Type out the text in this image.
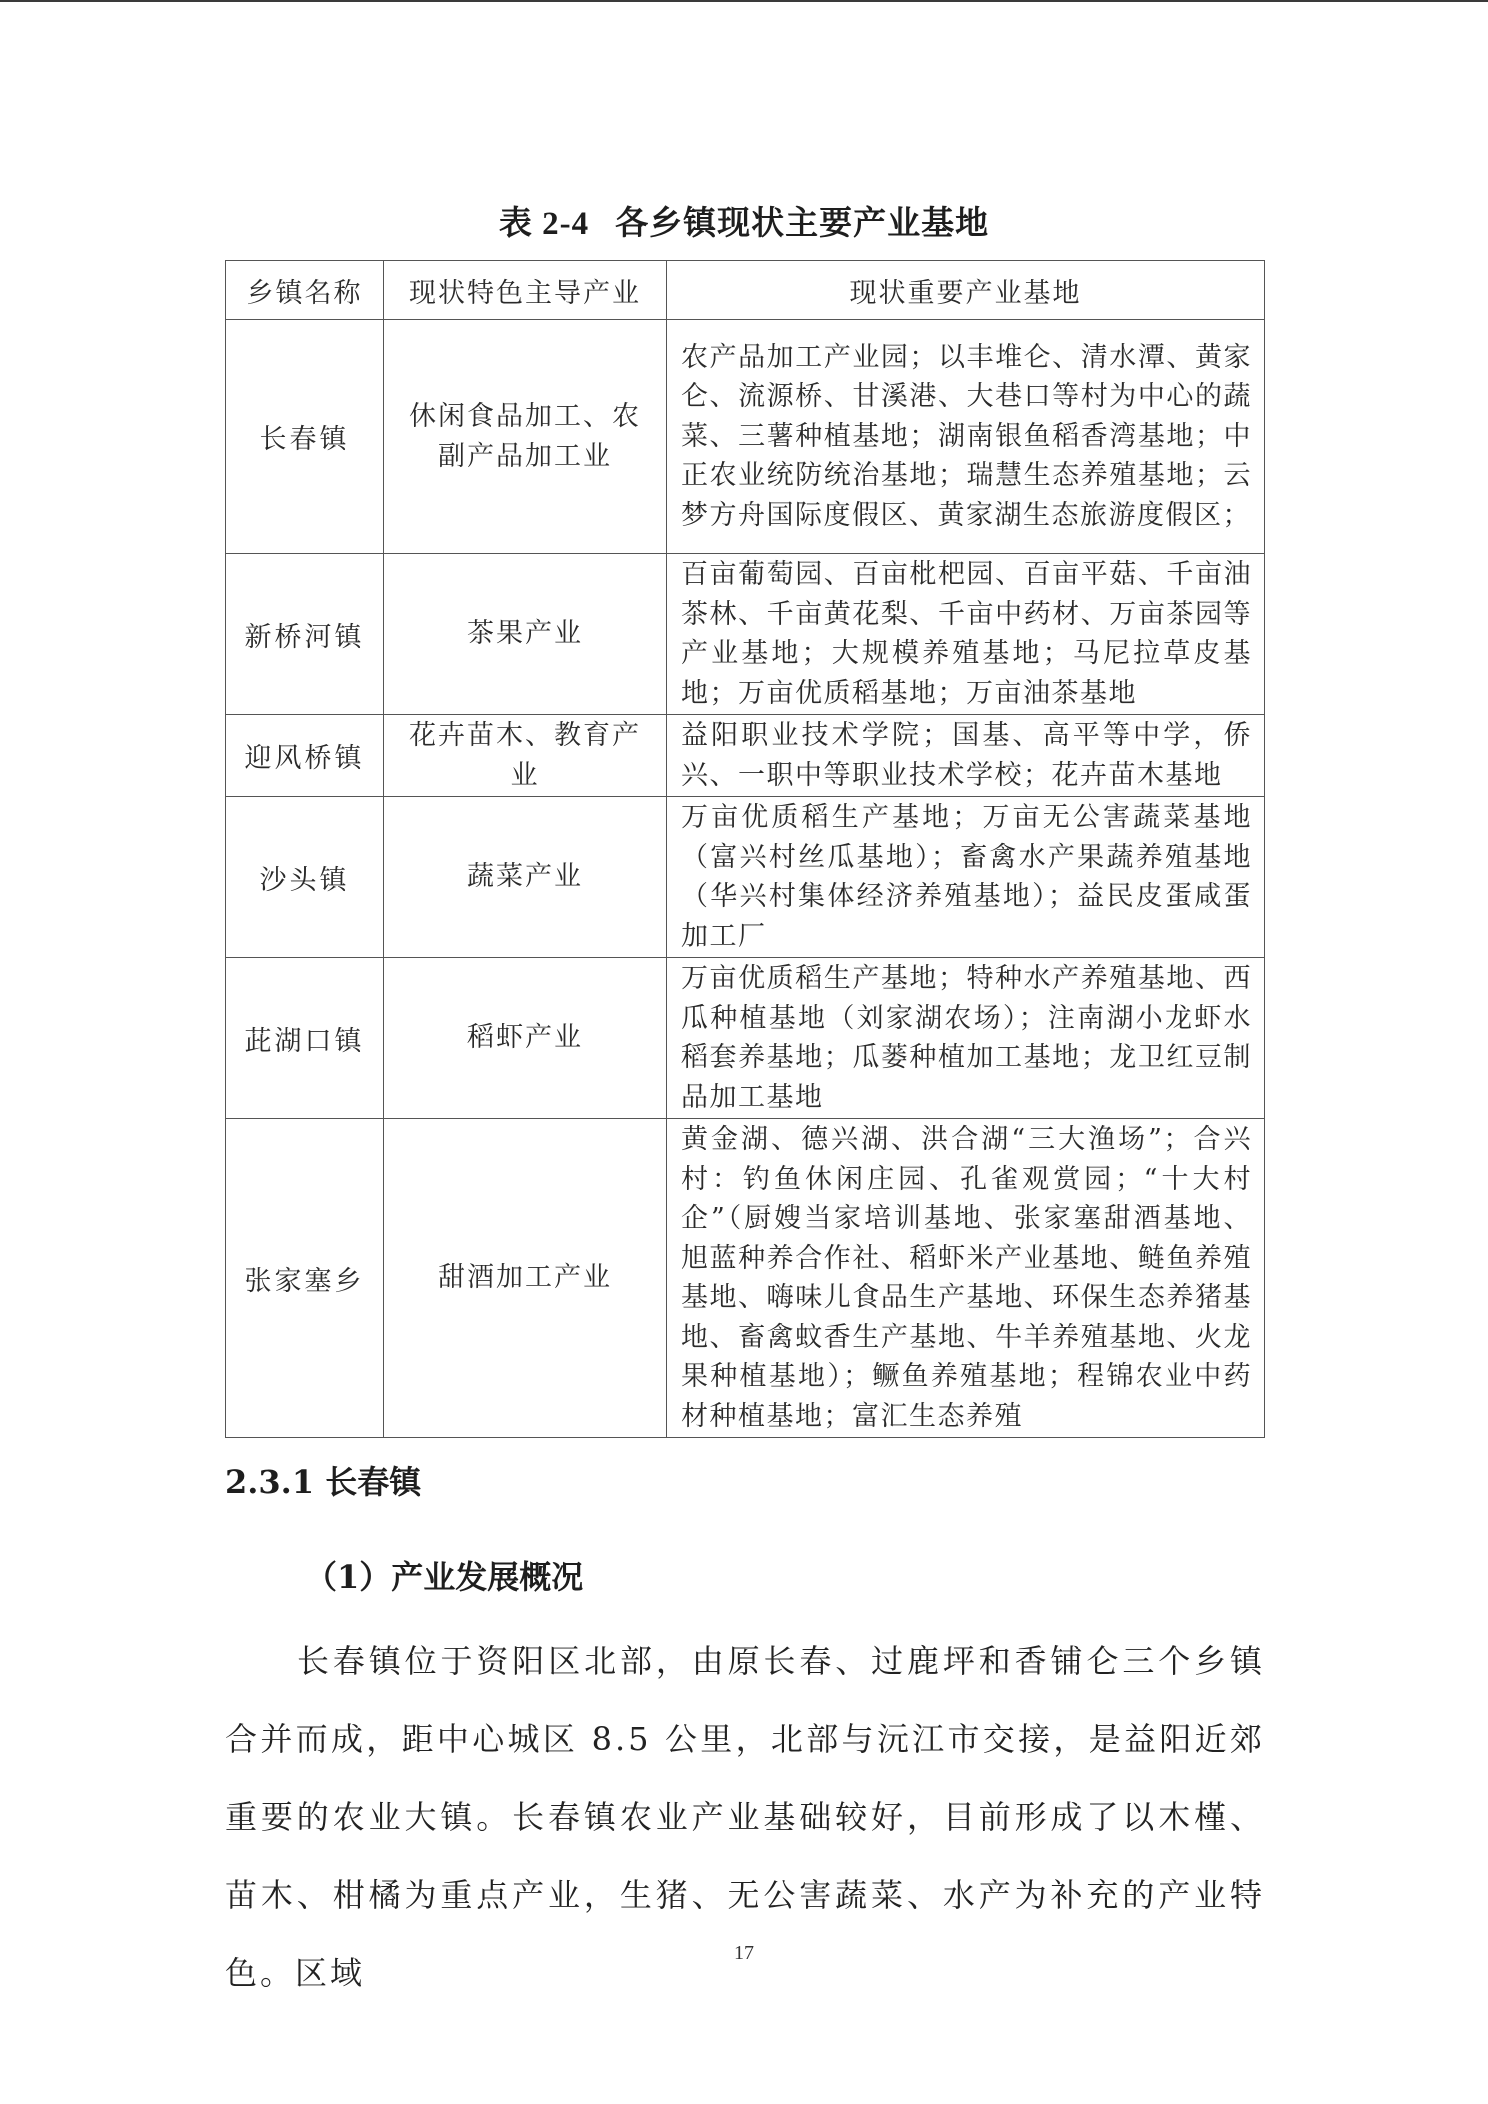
表 2-4 各乡镇现状主要产业基地
乡镇名称	现状特色主导产业	现状重要产业基地
长春镇	休闲食品加工、农副产品加工业	农产品加工产业园；以丰堆仑、清水潭、黄家仑、流源桥、甘溪港、大巷口等村为中心的蔬菜、三薯种植基地；湖南银鱼稻香湾基地；中正农业统防统治基地；瑞慧生态养殖基地；云梦方舟国际度假区、黄家湖生态旅游度假区；
新桥河镇	茶果产业	百亩葡萄园、百亩枇杷园、百亩平菇、千亩油茶林、千亩黄花梨、千亩中药材、万亩茶园等产业基地；大规模养殖基地；马尼拉草皮基地；万亩优质稻基地；万亩油茶基地
迎风桥镇	花卉苗木、教育产业	益阳职业技术学院；国基、高平等中学，侨兴、一职中等职业技术学校；花卉苗木基地
沙头镇	蔬菜产业	万亩优质稻生产基地；万亩无公害蔬菜基地（富兴村丝瓜基地）；畜禽水产果蔬养殖基地（华兴村集体经济养殖基地）；益民皮蛋咸蛋加工厂
茈湖口镇	稻虾产业	万亩优质稻生产基地；特种水产养殖基地、西瓜种植基地（刘家湖农场）；注南湖小龙虾水稻套养基地；瓜蒌种植加工基地；龙卫红豆制品加工基地
张家塞乡	甜酒加工产业	黄金湖、德兴湖、洪合湖“三大渔场”；合兴村：钓鱼休闲庄园、孔雀观赏园；“十大村企”（厨嫂当家培训基地、张家塞甜酒基地、旭蓝种养合作社、稻虾米产业基地、鲢鱼养殖基地、嗨味儿食品生产基地、环保生态养猪基地、畜禽蚊香生产基地、牛羊养殖基地、火龙果种植基地）；鳜鱼养殖基地；程锦农业中药材种植基地；富汇生态养殖
2.3.1 长春镇
（1）产业发展概况
长春镇位于资阳区北部，由原长春、过鹿坪和香铺仑三个乡镇合并而成，距中心城区 8.5 公里，北部与沅江市交接，是益阳近郊重要的农业大镇。长春镇农业产业基础较好，目前形成了以木槿、苗木、柑橘为重点产业，生猪、无公害蔬菜、水产为补充的产业特色。区域
17
